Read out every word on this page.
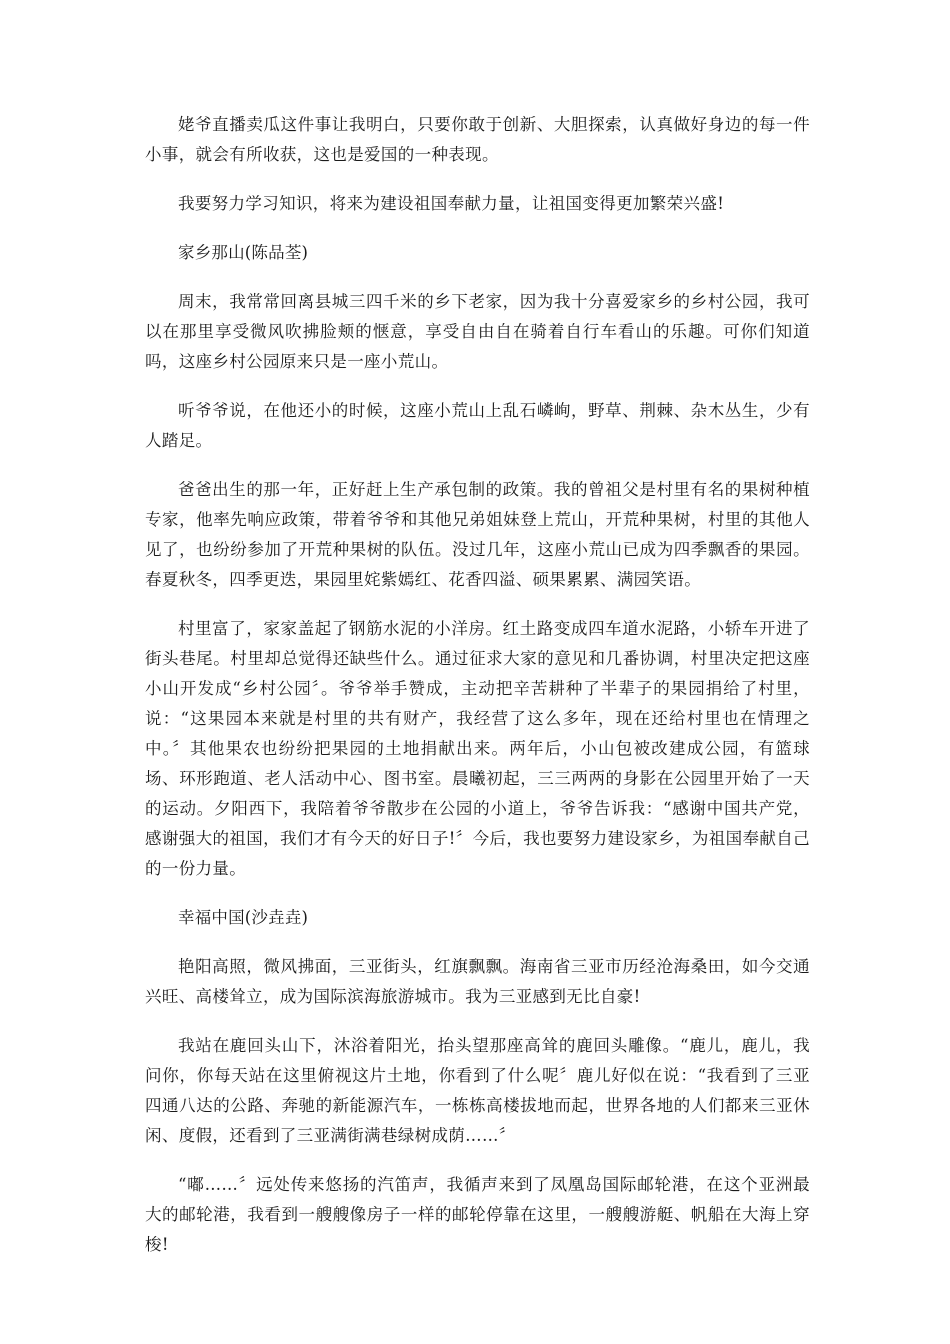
姥爷直播卖瓜这件事让我明白，只要你敢于创新、大胆探索，认真做好身边的每一件小事，就会有所收获，这也是爱国的一种表现。

我要努力学习知识，将来为建设祖国奉献力量，让祖国变得更加繁荣兴盛!

家乡那山(陈品荃)

周末，我常常回离县城三四千米的乡下老家，因为我十分喜爱家乡的乡村公园，我可以在那里享受微风吹拂脸颊的惬意，享受自由自在骑着自行车看山的乐趣。可你们知道吗，这座乡村公园原来只是一座小荒山。

听爷爷说，在他还小的时候，这座小荒山上乱石嶙峋，野草、荆棘、杂木丛生，少有人踏足。

爸爸出生的那一年，正好赶上生产承包制的政策。我的曾祖父是村里有名的果树种植专家，他率先响应政策，带着爷爷和其他兄弟姐妹登上荒山，开荒种果树，村里的其他人见了，也纷纷参加了开荒种果树的队伍。没过几年，这座小荒山已成为四季飘香的果园。春夏秋冬，四季更迭，果园里姹紫嫣红、花香四溢、硕果累累、满园笑语。

村里富了，家家盖起了钢筋水泥的小洋房。红土路变成四车道水泥路，小轿车开进了街头巷尾。村里却总觉得还缺些什么。通过征求大家的意见和几番协调，村里决定把这座小山开发成“乡村公园〞。爷爷举手赞成，主动把辛苦耕种了半辈子的果园捐给了村里，说：“这果园本来就是村里的共有财产，我经营了这么多年，现在还给村里也在情理之中。〞其他果农也纷纷把果园的土地捐献出来。两年后，小山包被改建成公园，有篮球场、环形跑道、老人活动中心、图书室。晨曦初起，三三两两的身影在公园里开始了一天的运动。夕阳西下，我陪着爷爷散步在公园的小道上，爷爷告诉我：“感谢中国共产党，感谢强大的祖国，我们才有今天的好日子!〞今后，我也要努力建设家乡，为祖国奉献自己的一份力量。

幸福中国(沙垚垚)

艳阳高照，微风拂面，三亚街头，红旗飘飘。海南省三亚市历经沧海桑田，如今交通兴旺、高楼耸立，成为国际滨海旅游城市。我为三亚感到无比自豪!

我站在鹿回头山下，沐浴着阳光，抬头望那座高耸的鹿回头雕像。“鹿儿，鹿儿，我问你，你每天站在这里俯视这片土地，你看到了什么呢〞鹿儿好似在说：“我看到了三亚四通八达的公路、奔驰的新能源汽车，一栋栋高楼拔地而起，世界各地的人们都来三亚休闲、度假，还看到了三亚满街满巷绿树成荫……〞

“嘟……〞远处传来悠扬的汽笛声，我循声来到了凤凰岛国际邮轮港，在这个亚洲最大的邮轮港，我看到一艘艘像房子一样的邮轮停靠在这里，一艘艘游艇、帆船在大海上穿梭!
